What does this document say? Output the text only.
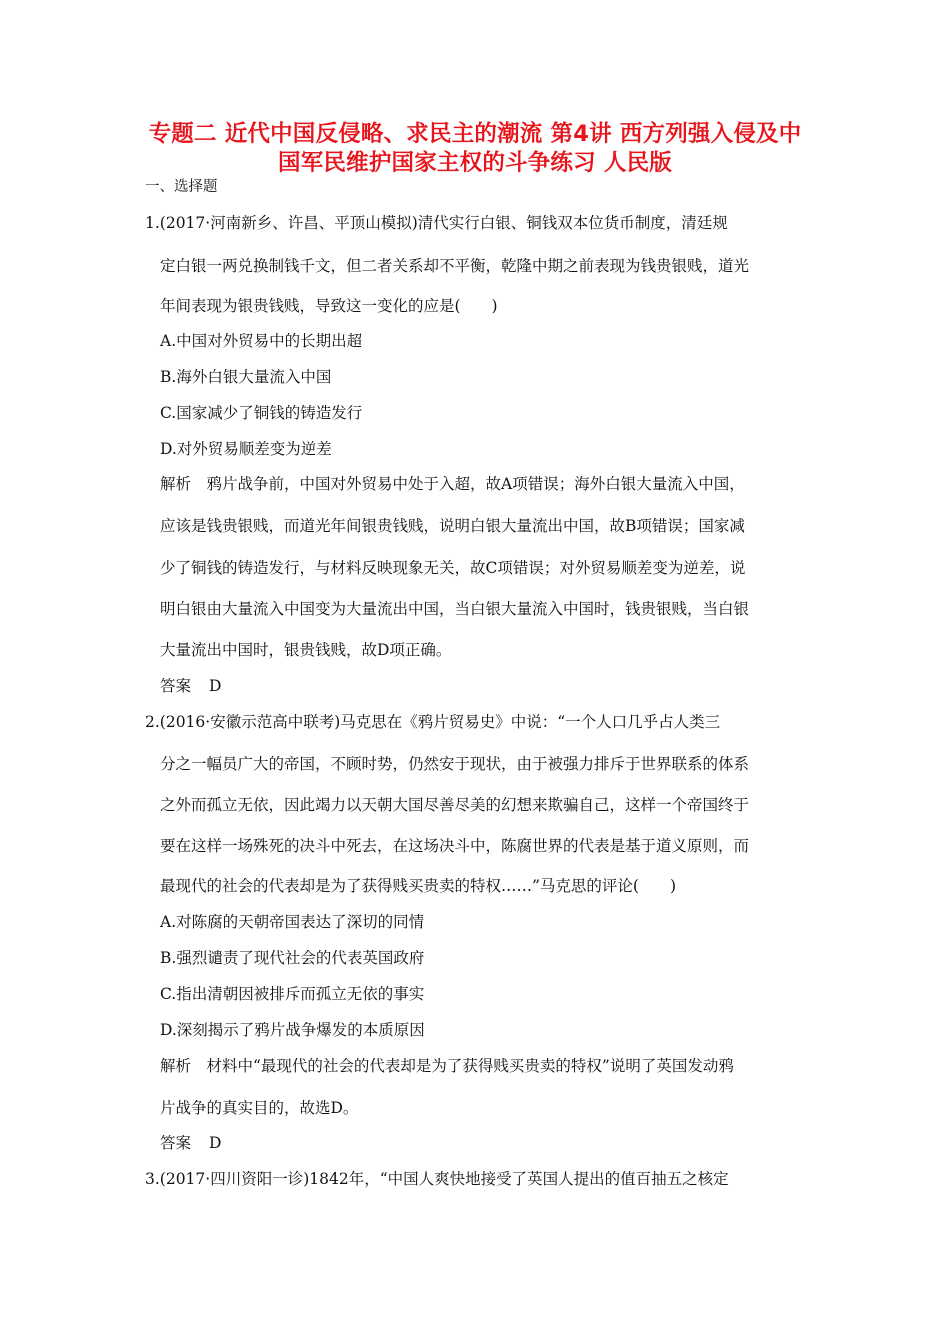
专题二 近代中国反侵略、求民主的潮流 第4讲 西方列强入侵及中
国军民维护国家主权的斗争练习 人民版
一、选择题
1.(2017·河南新乡、许昌、平顶山模拟)清代实行白银、铜钱双本位货币制度，清廷规
定白银一两兑换制钱千文，但二者关系却不平衡，乾隆中期之前表现为钱贵银贱，道光
年间表现为银贵钱贱，导致这一变化的应是(　　)
A.中国对外贸易中的长期出超
B.海外白银大量流入中国
C.国家减少了铜钱的铸造发行
D.对外贸易顺差变为逆差
解析　鸦片战争前，中国对外贸易中处于入超，故A项错误；海外白银大量流入中国，
应该是钱贵银贱，而道光年间银贵钱贱，说明白银大量流出中国，故B项错误；国家减
少了铜钱的铸造发行，与材料反映现象无关，故C项错误；对外贸易顺差变为逆差，说
明白银由大量流入中国变为大量流出中国，当白银大量流入中国时，钱贵银贱，当白银
大量流出中国时，银贵钱贱，故D项正确。
答案 D
2.(2016·安徽示范高中联考)马克思在《鸦片贸易史》中说：“一个人口几乎占人类三
分之一幅员广大的帝国，不顾时势，仍然安于现状，由于被强力排斥于世界联系的体系
之外而孤立无依，因此竭力以天朝大国尽善尽美的幻想来欺骗自己，这样一个帝国终于
要在这样一场殊死的决斗中死去，在这场决斗中，陈腐世界的代表是基于道义原则，而
最现代的社会的代表却是为了获得贱买贵卖的特权……”马克思的评论(　　)
A.对陈腐的天朝帝国表达了深切的同情
B.强烈谴责了现代社会的代表英国政府
C.指出清朝因被排斥而孤立无依的事实
D.深刻揭示了鸦片战争爆发的本质原因
解析　材料中“最现代的社会的代表却是为了获得贱买贵卖的特权”说明了英国发动鸦
片战争的真实目的，故选D。
答案 D
3.(2017·四川资阳一诊)1842年，“中国人爽快地接受了英国人提出的值百抽五之核定
